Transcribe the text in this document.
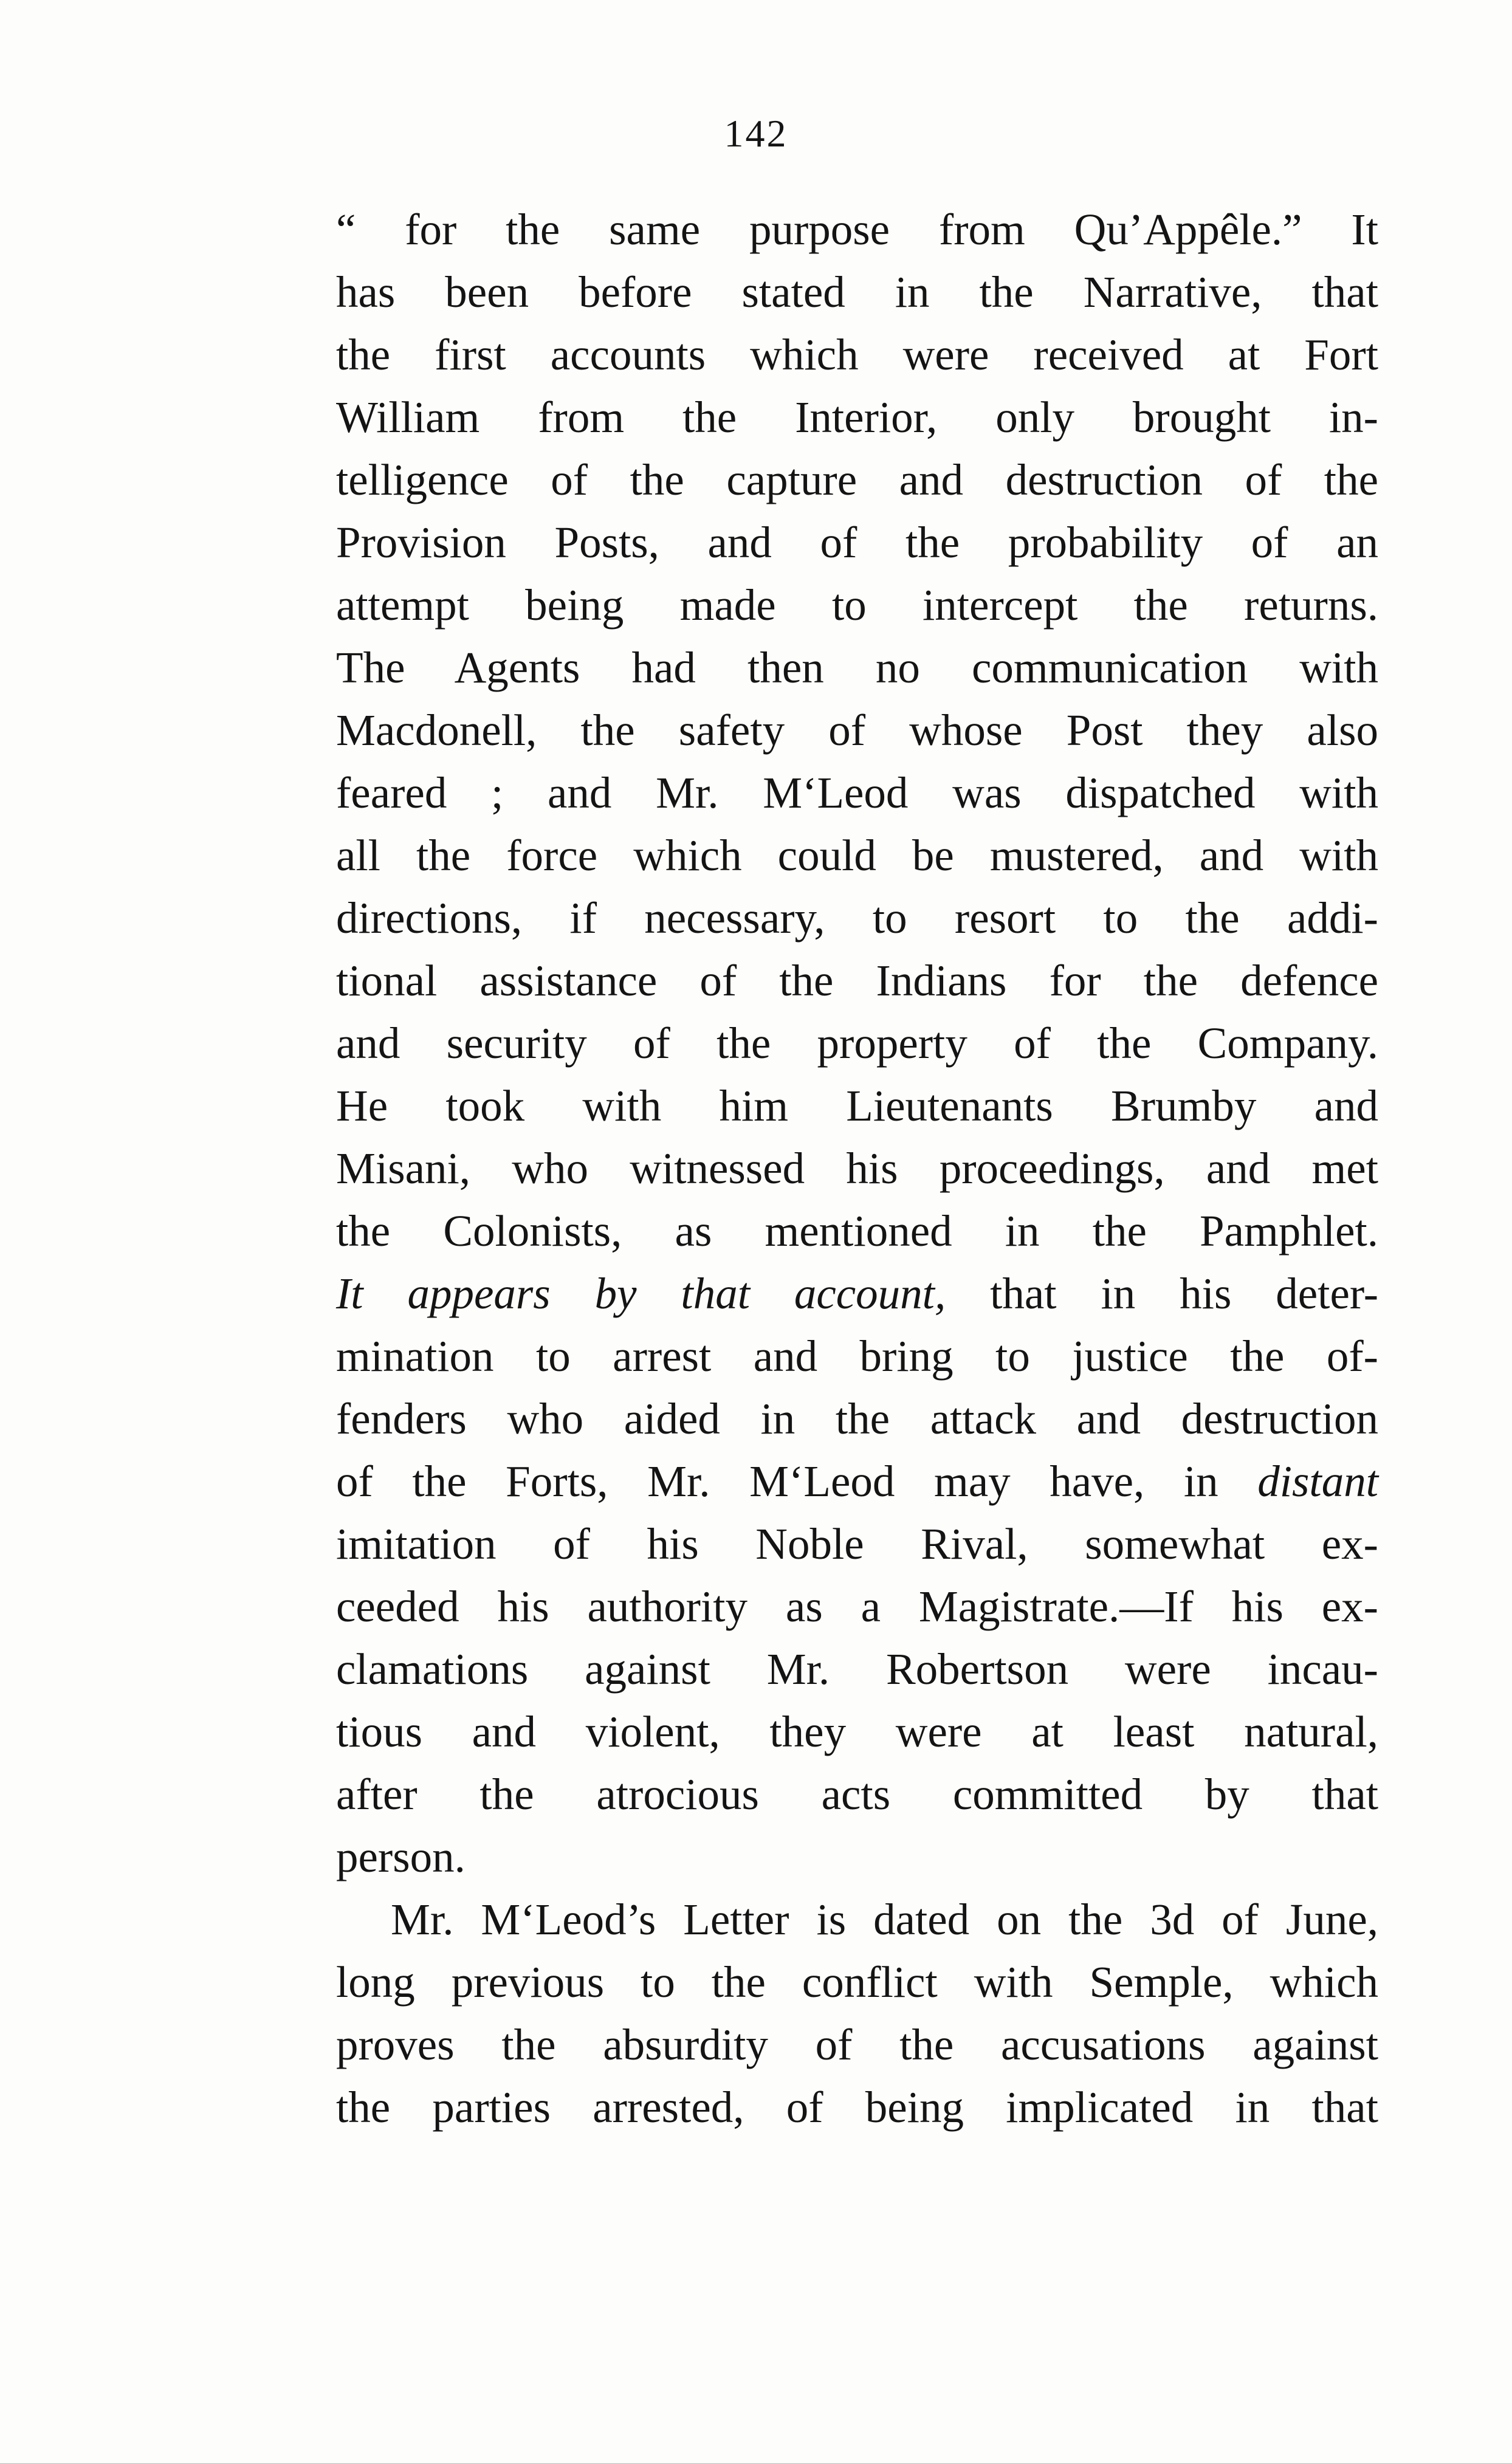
142
“ for the same purpose from Qu’Appêle.” It
has been before stated in the Narrative, that
the first accounts which were received at Fort
William from the Interior, only brought in-
telligence of the capture and destruction of the
Provision Posts, and of the probability of an
attempt being made to intercept the returns.
The Agents had then no communication with
Macdonell, the safety of whose Post they also
feared ; and Mr. M‘Leod was dispatched with
all the force which could be mustered, and with
directions, if necessary, to resort to the addi-
tional assistance of the Indians for the defence
and security of the property of the Company.
He took with him Lieutenants Brumby and
Misani, who witnessed his proceedings, and met
the Colonists, as mentioned in the Pamphlet.
It appears by that account, that in his deter-
mination to arrest and bring to justice the of-
fenders who aided in the attack and destruction
of the Forts, Mr. M‘Leod may have, in distant
imitation of his Noble Rival, somewhat ex-
ceeded his authority as a Magistrate.—If his ex-
clamations against Mr. Robertson were incau-
tious and violent, they were at least natural,
after the atrocious acts committed by that
person.
Mr. M‘Leod’s Letter is dated on the 3d of June,
long previous to the conflict with Semple, which
proves the absurdity of the accusations against
the parties arrested, of being implicated in that
